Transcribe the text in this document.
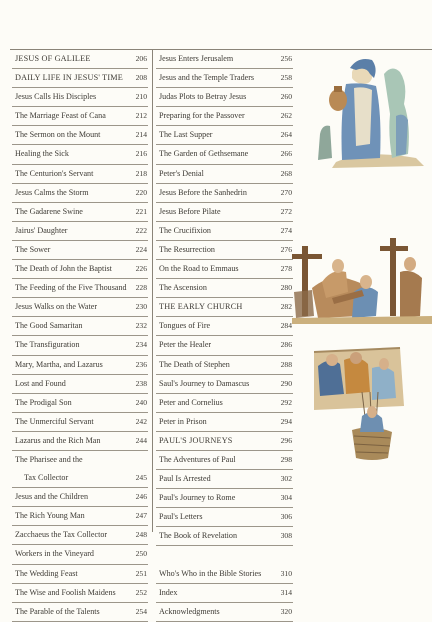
JESUS OF GALILEE	206
DAILY LIFE IN JESUS' TIME 208
Jesus Calls His Disciples	210
The Marriage Feast of Cana	212
The Sermon on the Mount	214
Healing the Sick	216
The Centurion's Servant	218
Jesus Calms the Storm	220
The Gadarene Swine	221
Jairus' Daughter	222
The Sower	224
The Death of John the Baptist	226
The Feeding of the Five Thousand 228
Jesus Walks on the Water	230
The Good Samaritan	232
The Transfiguration	234
Mary, Martha, and Lazarus	236
Lost and Found	238
The Prodigal Son	240
The Unmerciful Servant	242
Lazarus and the Rich Man	244
The Pharisee and the
Tax Collector	245
Jesus and the Children	246
The Rich Young Man	247
Zacchaeus the Tax Collector	248
Workers in the Vineyard	250
The Wedding Feast	251
The Wise and Foolish Maidens	252
The Parable of the Talents	254
Jesus Enters Jerusalem	256
Jesus and the Temple Traders	258
Judas Plots to Betray Jesus	260
Preparing for the Passover	262
The Last Supper	264
The Garden of Gethsemane	266
Peter's Denial	268
Jesus Before the Sanhedrin	270
Jesus Before Pilate	272
The Crucifixion	274
The Resurrection	276
On the Road to Emmaus	278
The Ascension	280
THE EARLY CHURCH	282
Tongues of Fire	284
Peter the Healer	286
The Death of Stephen	288
Saul's Journey to Damascus	290
Peter and Cornelius	292
Peter in Prison	294
PAUL'S JOURNEYS	296
The Adventures of Paul	298
Paul Is Arrested	302
Paul's Journey to Rome	304
Paul's Letters	306
The Book of Revelation	308
Who's Who in the Bible Stories	310
Index	314
Acknowledgments	320
